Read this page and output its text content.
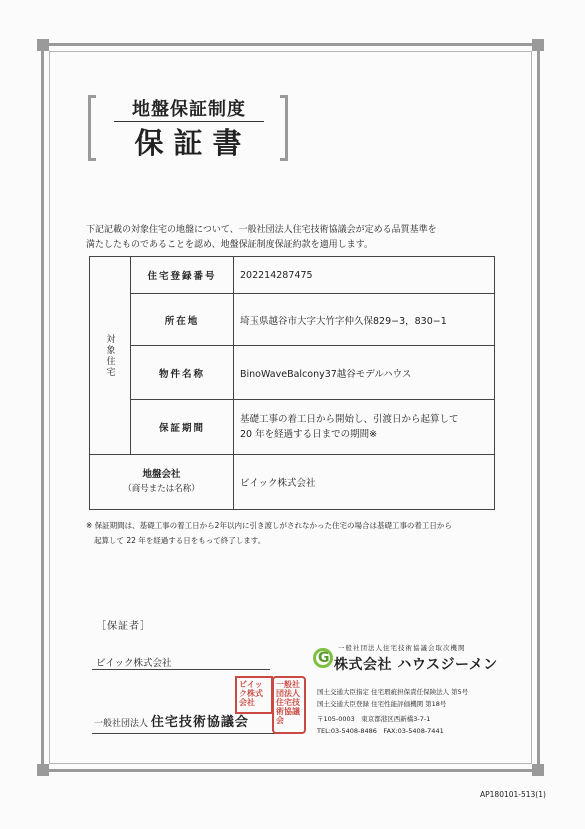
地盤保証制度
保証書
下記記載の対象住宅の地盤について、一般社団法人住宅技術協議会が定める品質基準を
満たしたものであることを認め、地盤保証制度保証約款を適用します。
対象住宅	住宅登録番号	202214287475
	所在地	埼玉県越谷市大字大竹字仲久保829−3，830−1
	物件名称	BinoWaveBalcony37越谷モデルハウス
	保証期間	基礎工事の着工日から開始し、引渡日から起算して
20 年を経過する日までの期間※

地盤会社
（商号または名称）		ビイック株式会社
※ 保証期間は、基礎工事の着工日から2年以内に引き渡しがされなかった住宅の場合は基礎工事の着工日から
起算して 22 年を経過する日をもって終了します。
［保証者］
ビイック株式会社
一般社団法人 住宅技術協議会
ビイック株式会社
一般社団法人住宅技術協議会
一般社団法人住宅技術協議会取次機関
G 株式会社 ハウスジーメン
国土交通大臣指定 住宅瑕疵担保責任保険法人 第5号
国土交通大臣登録 住宅性能評価機関 第18号
〒105-0003　東京都港区西新橋3-7-1
TEL:03-5408-8486　FAX:03-5408-7441
AP180101-513(1)
